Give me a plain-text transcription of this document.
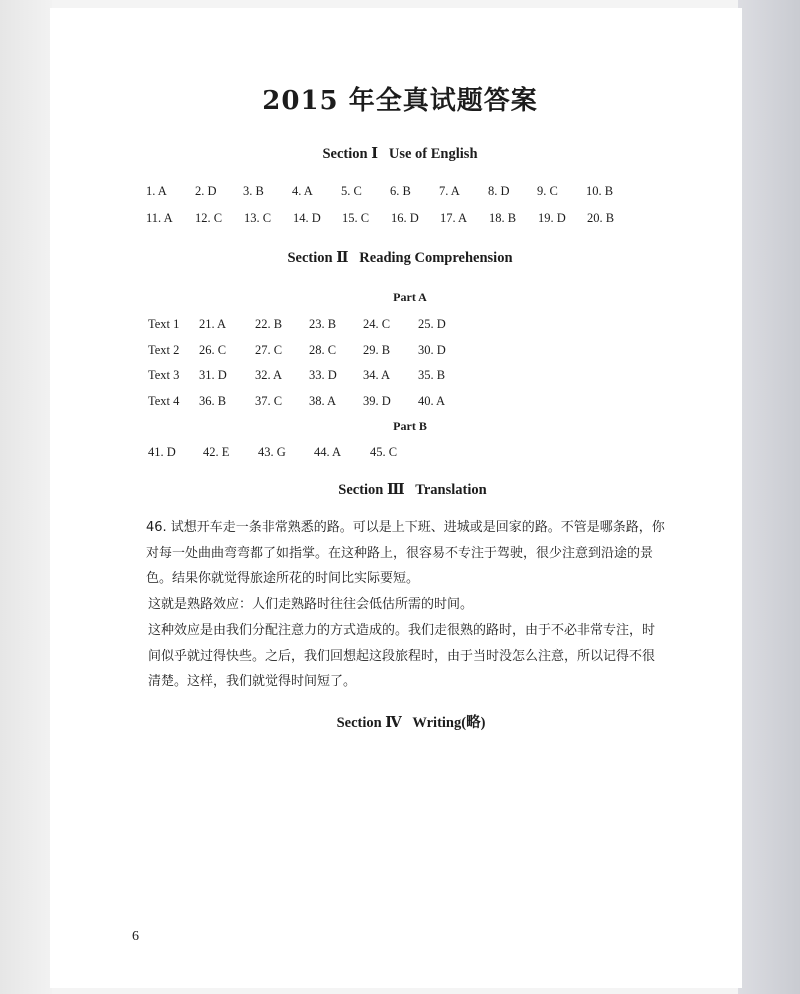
2015 年全真试题答案
Section Ⅰ   Use of English
1. A 2. D 3. B 4. A 5. C 6. B 7. A 8. D 9. C 10. B
11. A 12. C 13. C 14. D 15. C 16. D 17. A 18. B 19. D 20. B
Section Ⅱ   Reading Comprehension
Part A
Text 1 21. A 22. B 23. B 24. C 25. D
Text 2 26. C 27. C 28. C 29. B 30. D
Text 3 31. D 32. A 33. D 34. A 35. B
Text 4 36. B 37. C 38. A 39. D 40. A
Part B
41. D 42. E 43. G 44. A 45. C
Section Ⅲ   Translation
46. 试想开车走一条非常熟悉的路。可以是上下班、进城或是回家的路。不管是哪条路，你对每一处曲曲弯弯都了如指掌。在这种路上，很容易不专注于驾驶，很少注意到沿途的景色。结果你就觉得旅途所花的时间比实际要短。
这就是熟路效应：人们走熟路时往往会低估所需的时间。
这种效应是由我们分配注意力的方式造成的。我们走很熟的路时，由于不必非常专注，时间似乎就过得快些。之后，我们回想起这段旅程时，由于当时没怎么注意，所以记得不很清楚。这样，我们就觉得时间短了。
Section Ⅳ   Writing(略)
6
